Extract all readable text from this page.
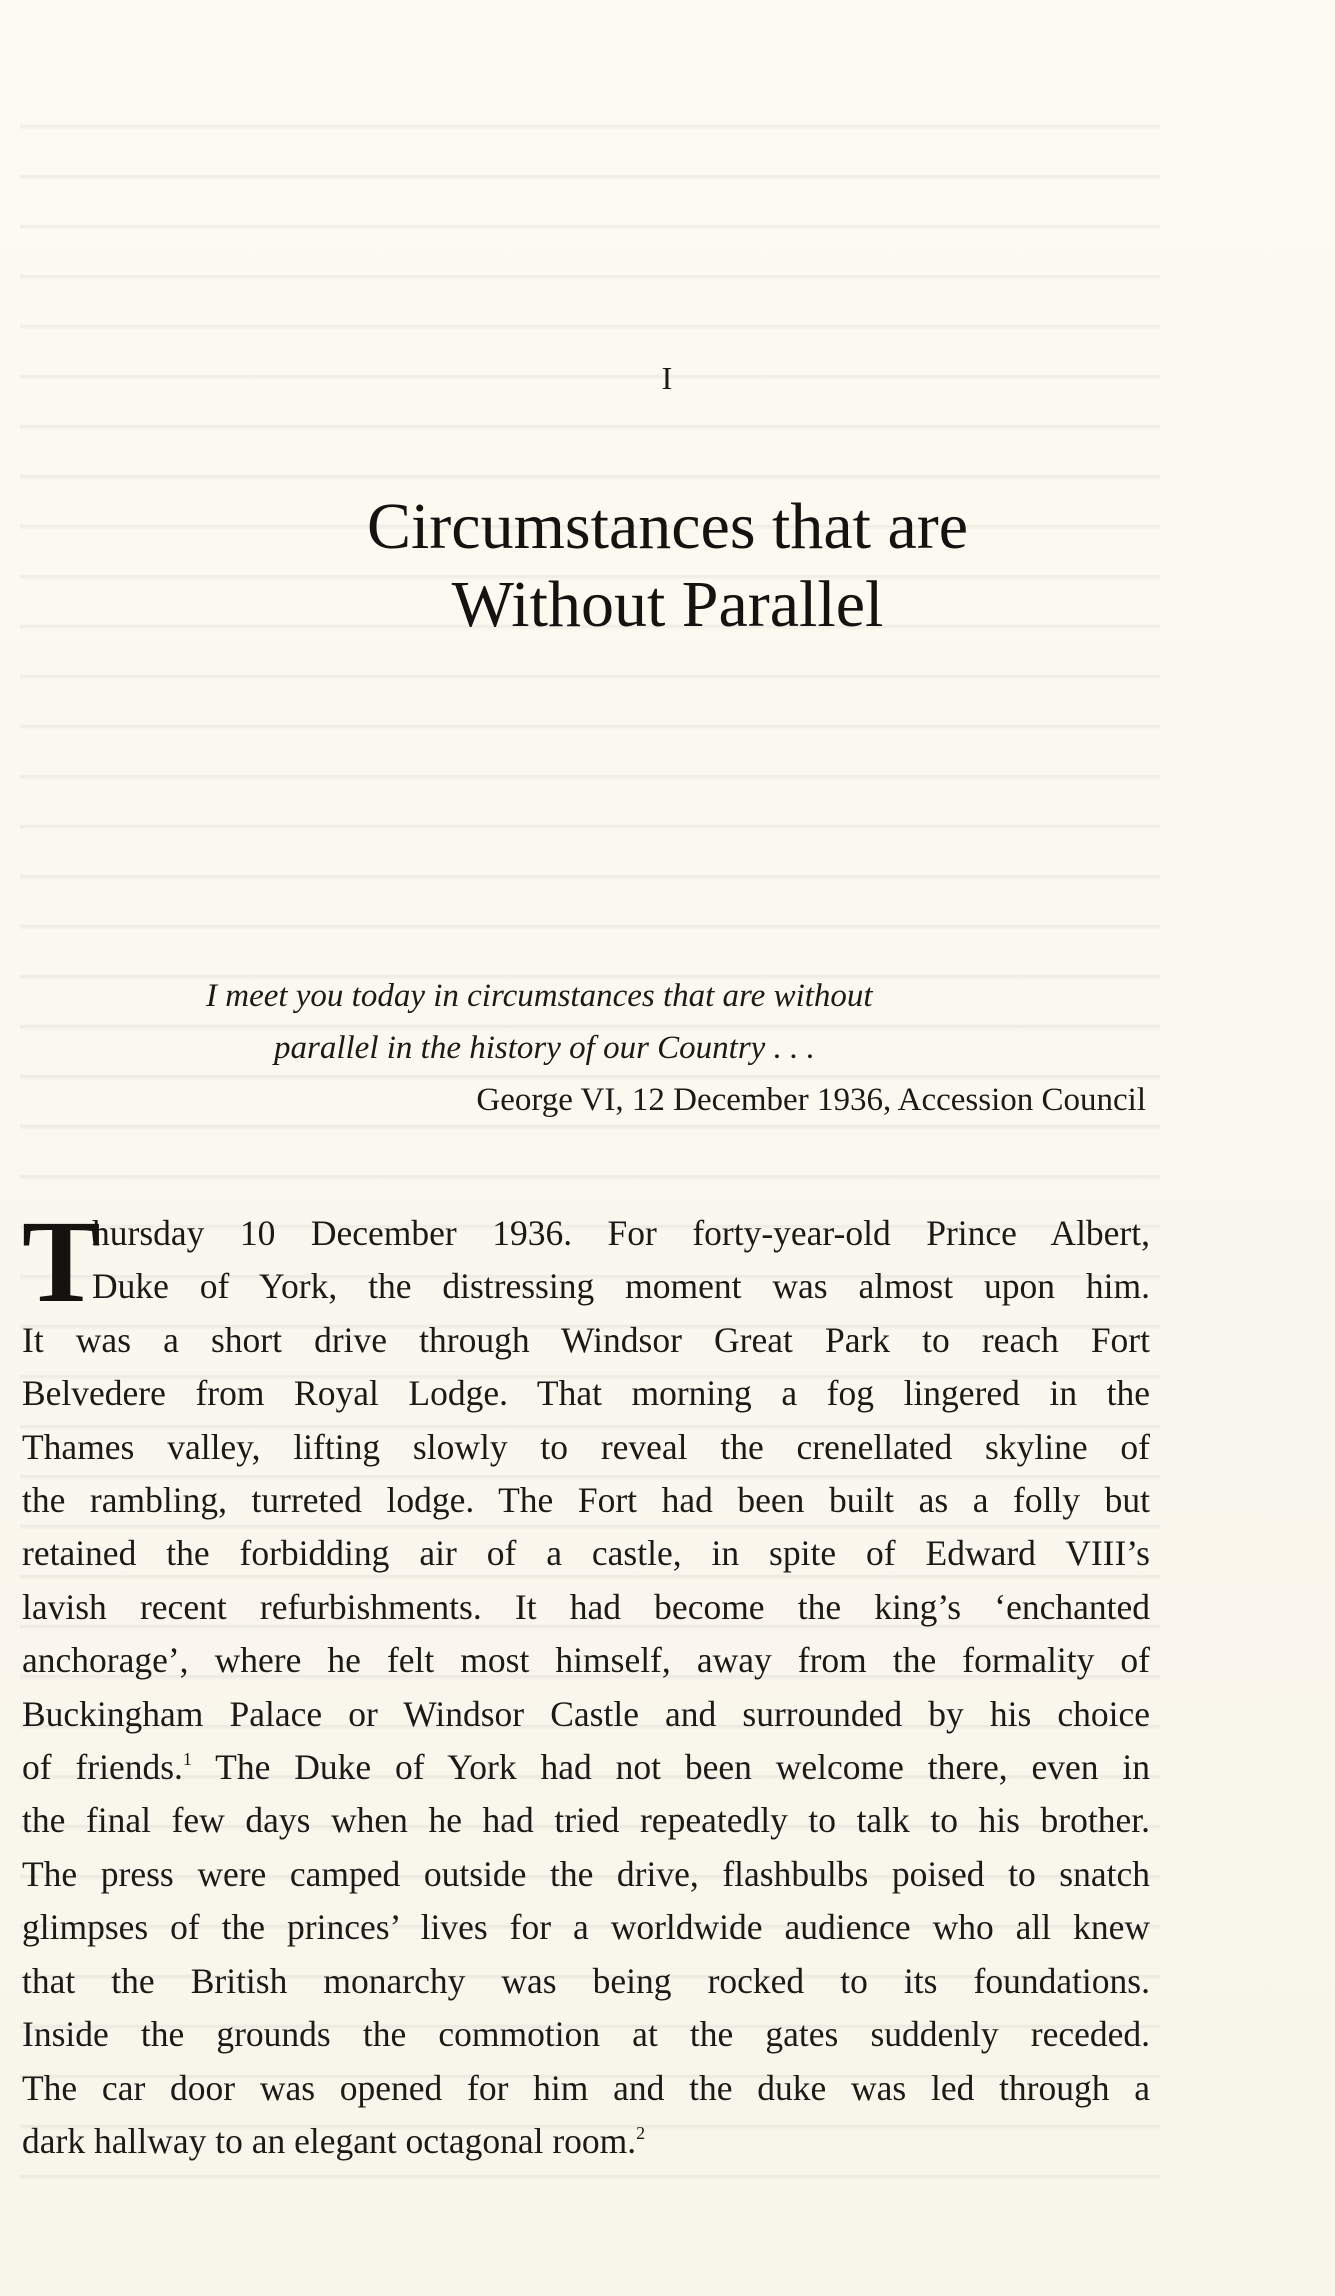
I
Circumstances that are
Without Parallel
I meet you today in circumstances that are without
parallel in the history of our Country . . .
George VI, 12 December 1936, Accession Council
T
hursday 10 December 1936. For forty-year-old Prince Albert,
Duke of York, the distressing moment was almost upon him.
It was a short drive through Windsor Great Park to reach Fort
Belvedere from Royal Lodge. That morning a fog lingered in the
Thames valley, lifting slowly to reveal the crenellated skyline of
the rambling, turreted lodge. The Fort had been built as a folly but
retained the forbidding air of a castle, in spite of Edward VIII’s
lavish recent refurbishments. It had become the king’s ‘enchanted
anchorage’, where he felt most himself, away from the formality of
Buckingham Palace or Windsor Castle and surrounded by his choice
of friends.$^1$ The Duke of York had not been welcome there, even in
the final few days when he had tried repeatedly to talk to his brother.
The press were camped outside the drive, flashbulbs poised to snatch
glimpses of the princes’ lives for a worldwide audience who all knew
that the British monarchy was being rocked to its foundations.
Inside the grounds the commotion at the gates suddenly receded.
The car door was opened for him and the duke was led through a
dark hallway to an elegant octagonal room.$^2$
